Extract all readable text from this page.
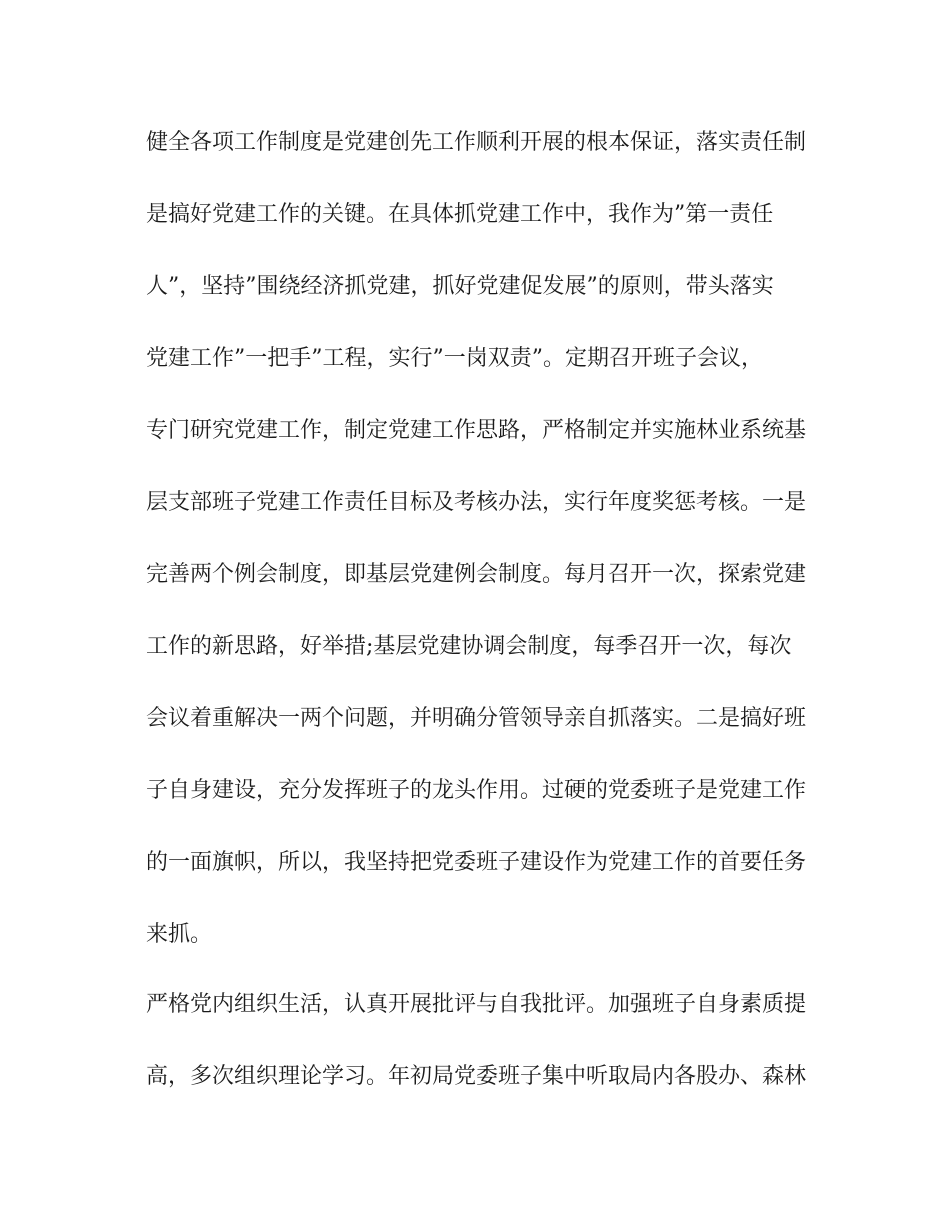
健全各项工作制度是党建创先工作顺利开展的根本保证，落实责任制
是搞好党建工作的关键。在具体抓党建工作中，我作为”第一责任
人”，坚持”围绕经济抓党建，抓好党建促发展”的原则，带头落实
党建工作”一把手”工程，实行”一岗双责”。定期召开班子会议，
专门研究党建工作，制定党建工作思路，严格制定并实施林业系统基
层支部班子党建工作责任目标及考核办法，实行年度奖惩考核。一是
完善两个例会制度，即基层党建例会制度。每月召开一次，探索党建
工作的新思路，好举措;基层党建协调会制度，每季召开一次，每次
会议着重解决一两个问题，并明确分管领导亲自抓落实。二是搞好班
子自身建设，充分发挥班子的龙头作用。过硬的党委班子是党建工作
的一面旗帜，所以，我坚持把党委班子建设作为党建工作的首要任务
来抓。
严格党内组织生活，认真开展批评与自我批评。加强班子自身素质提
高，多次组织理论学习。年初局党委班子集中听取局内各股办、森林
